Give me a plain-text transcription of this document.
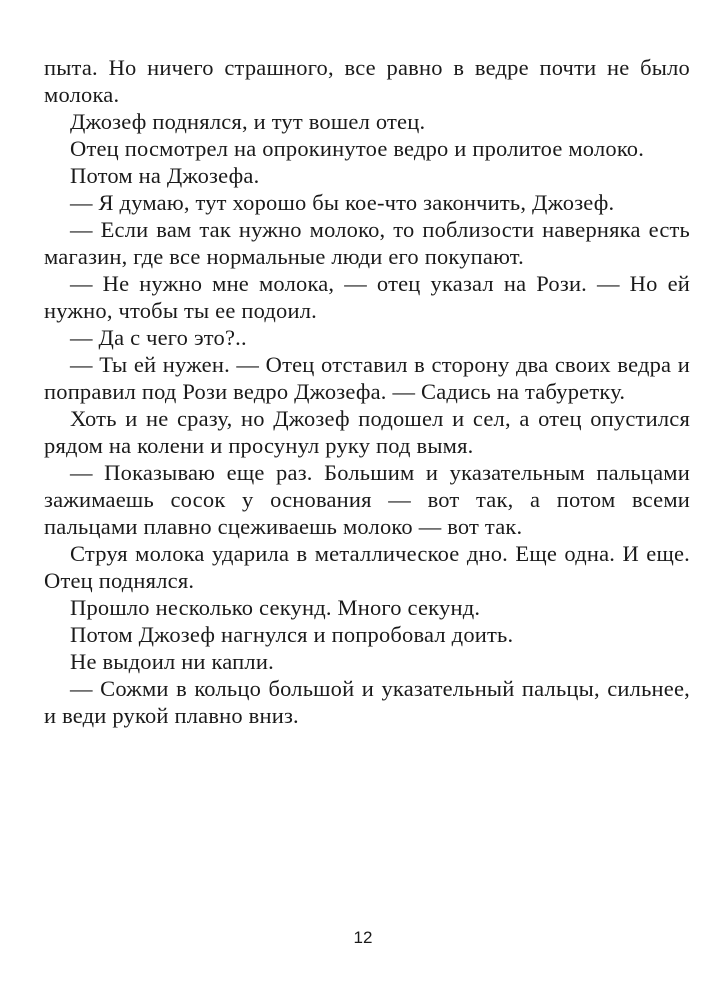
пыта. Но ничего страшного, все равно в ведре почти не было молока.

Джозеф поднялся, и тут вошел отец.

Отец посмотрел на опрокинутое ведро и пролитое молоко.

Потом на Джозефа.

— Я думаю, тут хорошо бы кое-что закончить, Джозеф.

— Если вам так нужно молоко, то поблизости наверняка есть магазин, где все нормальные люди его покупают.

— Не нужно мне молока, — отец указал на Рози. — Но ей нужно, чтобы ты ее подоил.

— Да с чего это?..

— Ты ей нужен. — Отец отставил в сторону два своих ведра и поправил под Рози ведро Джозефа. — Садись на табуретку.

Хоть и не сразу, но Джозеф подошел и сел, а отец опустился рядом на колени и просунул руку под вымя.

— Показываю еще раз. Большим и указательным пальцами зажимаешь сосок у основания — вот так, а потом всеми пальцами плавно сцеживаешь молоко — вот так.

Струя молока ударила в металлическое дно. Еще одна. И еще. Отец поднялся.

Прошло несколько секунд. Много секунд.

Потом Джозеф нагнулся и попробовал доить.

Не выдоил ни капли.

— Сожми в кольцо большой и указательный пальцы, сильнее, и веди рукой плавно вниз.

12
